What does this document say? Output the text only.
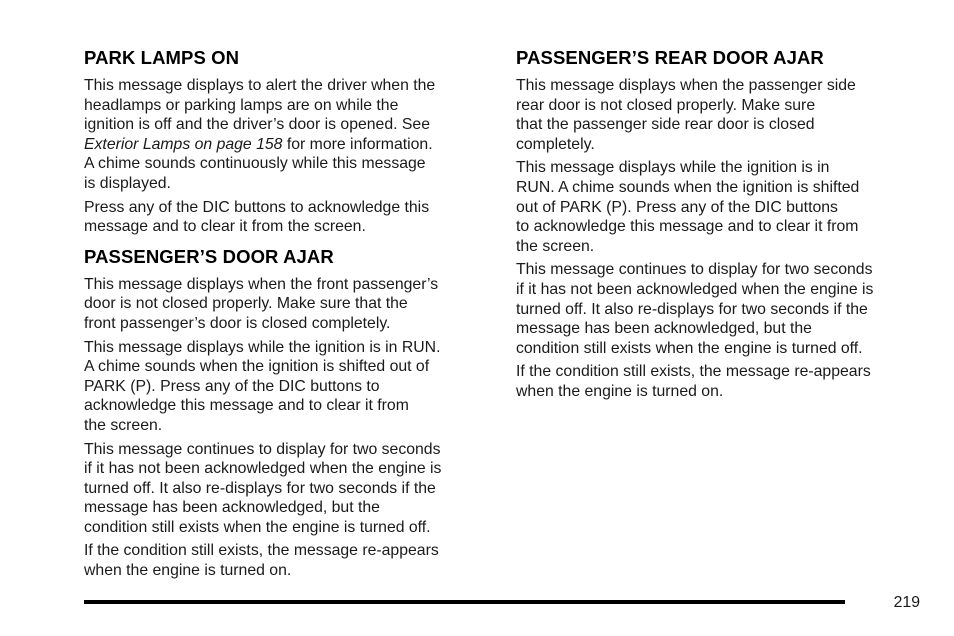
PARK LAMPS ON

This message displays to alert the driver when the
headlamps or parking lamps are on while the
ignition is off and the driver’s door is opened. See
Exterior Lamps on page 158 for more information.
A chime sounds continuously while this message
is displayed.

Press any of the DIC buttons to acknowledge this
message and to clear it from the screen.

PASSENGER’S DOOR AJAR

This message displays when the front passenger’s
door is not closed properly. Make sure that the
front passenger’s door is closed completely.

This message displays while the ignition is in RUN.
A chime sounds when the ignition is shifted out of
PARK (P). Press any of the DIC buttons to
acknowledge this message and to clear it from
the screen.

This message continues to display for two seconds
if it has not been acknowledged when the engine is
turned off. It also re-displays for two seconds if the
message has been acknowledged, but the
condition still exists when the engine is turned off.

If the condition still exists, the message re-appears
when the engine is turned on.

PASSENGER’S REAR DOOR AJAR

This message displays when the passenger side
rear door is not closed properly. Make sure
that the passenger side rear door is closed
completely.

This message displays while the ignition is in
RUN. A chime sounds when the ignition is shifted
out of PARK (P). Press any of the DIC buttons
to acknowledge this message and to clear it from
the screen.

This message continues to display for two seconds
if it has not been acknowledged when the engine is
turned off. It also re-displays for two seconds if the
message has been acknowledged, but the
condition still exists when the engine is turned off.

If the condition still exists, the message re-appears
when the engine is turned on.

219
